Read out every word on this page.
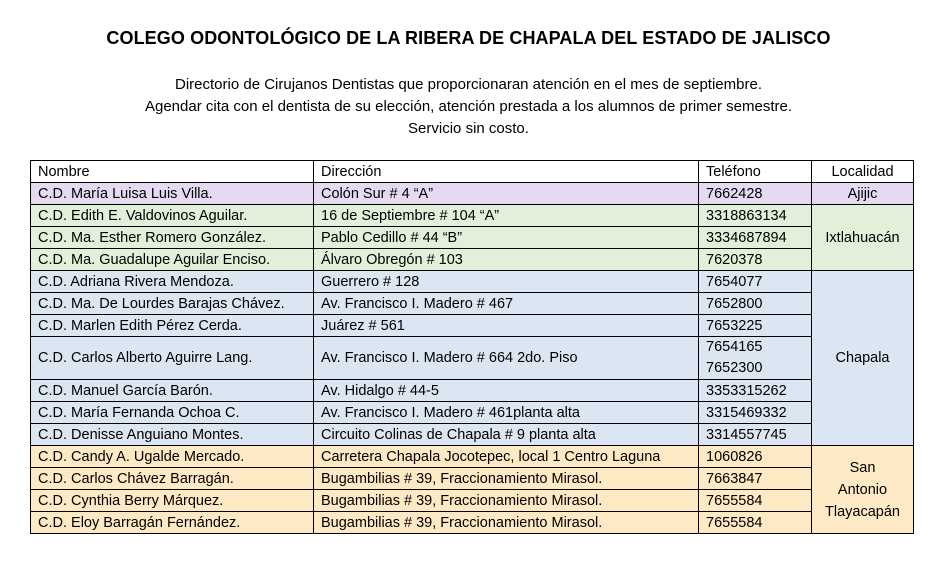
COLEGO ODONTOLÓGICO DE LA RIBERA DE CHAPALA DEL ESTADO DE JALISCO
Directorio de Cirujanos Dentistas que proporcionaran atención en el mes de septiembre.
Agendar cita con el dentista de su elección, atención prestada a los alumnos de primer semestre.
Servicio sin costo.
Nombre	Dirección	Teléfono	Localidad
C.D. María Luisa Luis Villa.	Colón Sur # 4 “A”	7662428	Ajijic
C.D. Edith E. Valdovinos Aguilar.	16 de Septiembre # 104 “A”	3318863134	Ixtlahuacán
C.D. Ma. Esther Romero González.	Pablo Cedillo # 44 “B”	3334687894	
C.D. Ma. Guadalupe Aguilar Enciso.	Álvaro Obregón # 103	7620378	
C.D. Adriana Rivera Mendoza.	Guerrero # 128	7654077	Chapala
C.D. Ma. De Lourdes Barajas Chávez.	Av. Francisco I. Madero # 467	7652800	
C.D. Marlen Edith Pérez Cerda.	Juárez # 561	7653225	
C.D. Carlos Alberto Aguirre Lang.	Av. Francisco I. Madero # 664 2do. Piso	7654165
7652300	

C.D. Manuel García Barón.	Av. Hidalgo # 44-5	3353315262	
C.D. María Fernanda Ochoa C.	Av. Francisco I. Madero # 461planta alta	3315469332	
C.D. Denisse Anguiano Montes.	Circuito Colinas de Chapala # 9 planta alta	3314557745	
C.D. Candy A. Ugalde Mercado.	Carretera Chapala Jocotepec, local 1 Centro Laguna	1060826	San
Antonio
Tlayacapán

C.D. Carlos Chávez Barragán.	Bugambilias # 39, Fraccionamiento Mirasol.	7663847	
C.D. Cynthia Berry Márquez.	Bugambilias # 39, Fraccionamiento Mirasol.	7655584	
C.D. Eloy Barragán Fernández.	Bugambilias # 39, Fraccionamiento Mirasol.	7655584	
